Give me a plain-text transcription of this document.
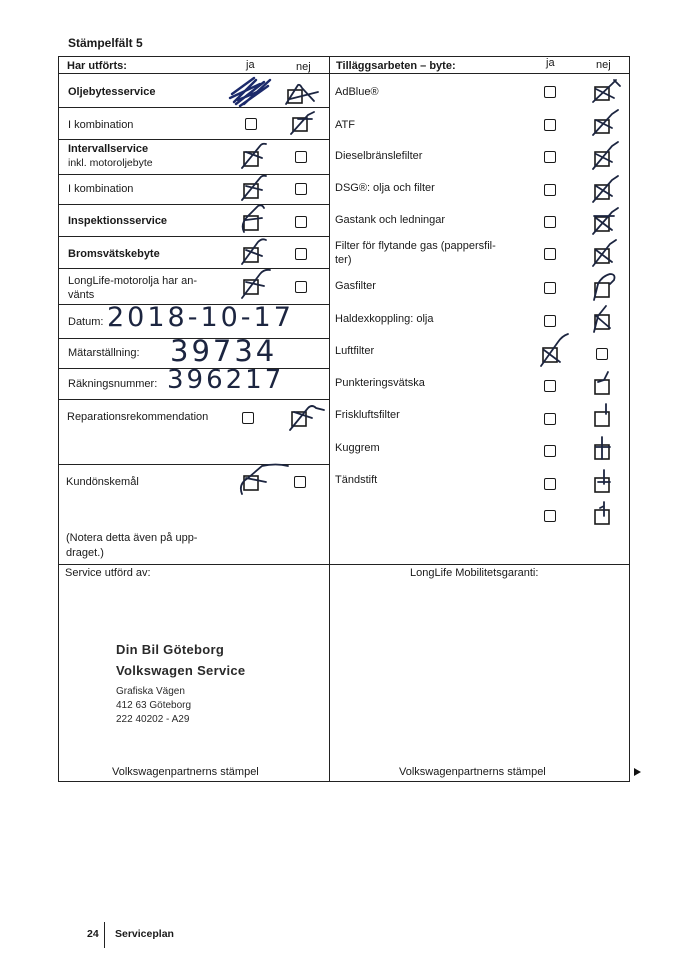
Stämpelfält 5
Har utförts:	ja	nej
Oljebytesservice
I kombination
Intervallservice
inkl. motoroljebyte
I kombination
Inspektionsservice
Bromsvätskebyte
LongLife-motorolja har an-
vänts
Datum: 2018-10-17
Mätarställning: 39734
Räkningsnummer: 396217
Reparationsrekommendation
Kundönskemål
(Notera detta även på upp-
draget.)
Service utförd av:
Volkswagenpartnerns stämpel
Tilläggsarbeten – byte:	ja	nej
AdBlue®
ATF
Dieselbränslefilter
DSG®: olja och filter
Gastank och ledningar
Filter för flytande gas (pappersfil-
ter)
Gasfilter
Haldexkoppling: olja
Luftfilter
Punkteringsvätska
Friskluftsfilter
Kuggrem
Tändstift
LongLife Mobilitetsgaranti:
Volkswagenpartnerns stämpel
Din Bil Göteborg
Volkswagen Service
Grafiska Vägen
412 63 Göteborg
222 40202 - A29
24 Serviceplan
